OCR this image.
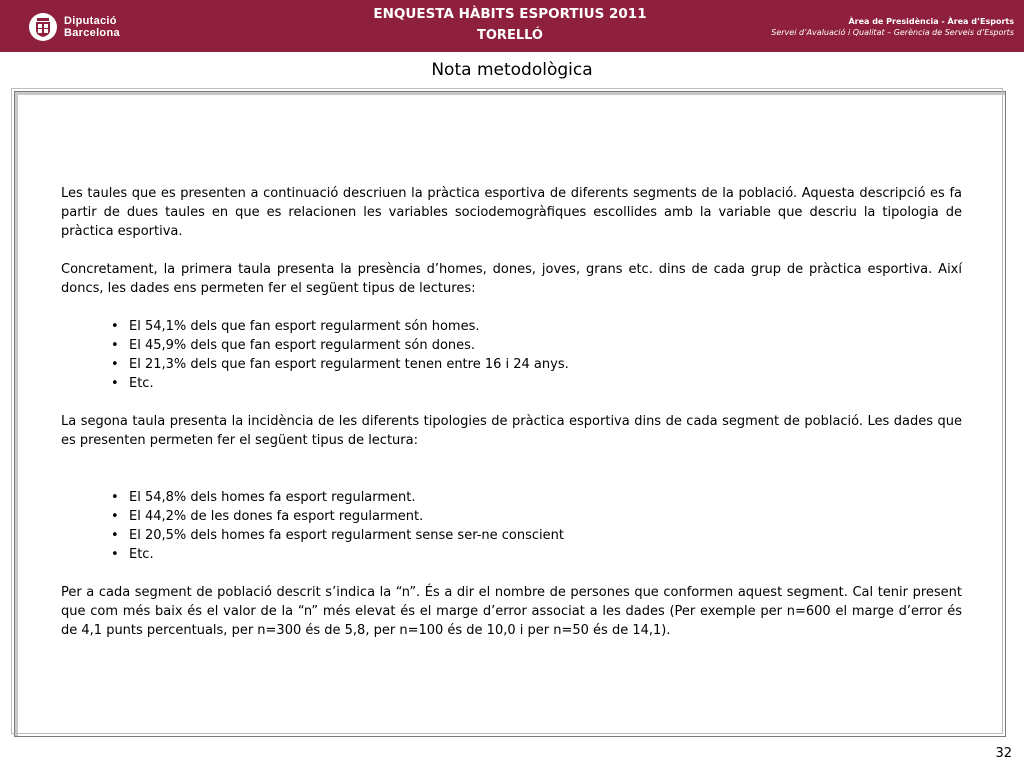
Diputació
Barcelona
ENQUESTA HÀBITS ESPORTIUS 2011
TORELLÓ
Àrea de Presidència - Àrea d’Esports
Servei d’Avaluació i Qualitat – Gerència de Serveis d’Esports
Nota metodològica

Les taules que es presenten a continuació descriuen la pràctica esportiva de diferents segments de la població. Aquesta descripció es fa partir de dues taules en que es relacionen les variables sociodemogràfiques escollides amb la variable que descriu la tipologia de pràctica esportiva.

Concretament, la primera taula presenta la presència d’homes, dones, joves, grans etc. dins de cada grup de pràctica esportiva. Així doncs, les dades ens permeten fer el següent tipus de lectures:

• El 54,1% dels que fan esport regularment són homes.
• El 45,9% dels que fan esport regularment són dones.
• El 21,3% dels que fan esport regularment tenen entre 16 i 24 anys.
• Etc.

La segona taula presenta la incidència de les diferents tipologies de pràctica esportiva dins de cada segment de població. Les dades que es presenten permeten fer el següent tipus de lectura:

• El 54,8% dels homes fa esport regularment.
• El 44,2% de les dones fa esport regularment.
• El 20,5% dels homes fa esport regularment sense ser-ne conscient
• Etc.

Per a cada segment de població descrit s’indica la “n”. És a dir el nombre de persones que conformen aquest segment. Cal tenir present que com més baix és el valor de la “n” més elevat és el marge d’error associat a les dades (Per exemple per n=600 el marge d’error és de 4,1 punts percentuals, per n=300 és de 5,8, per n=100 és de 10,0 i per n=50 és de 14,1).

32
